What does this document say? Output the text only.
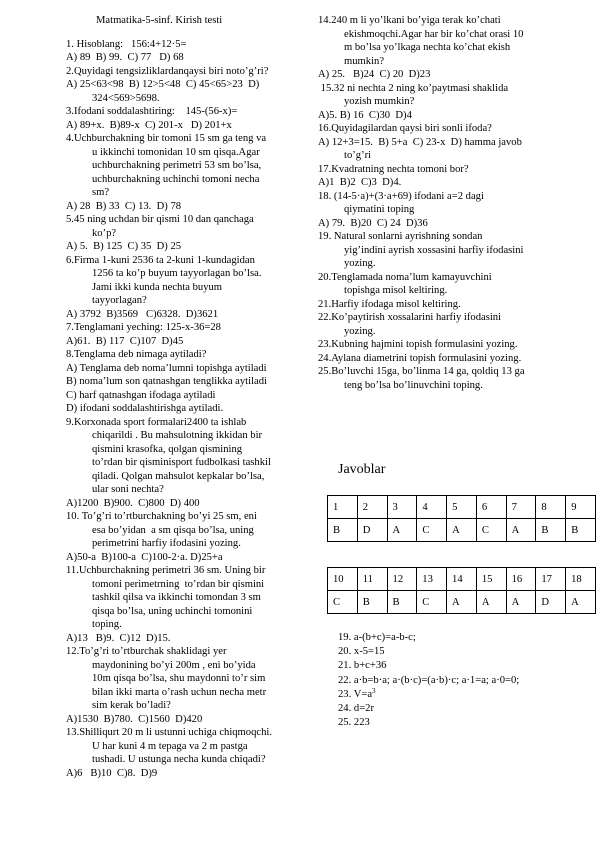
Matmatika-5-sinf. Kirish testi
1. Hisoblang:   156:4+12·5=
A) 89  B) 99.  C) 77   D) 68
2.Quyidagi tengsizliklardanqaysi biri noto’g’ri?
A) 25<63<98  B) 12>5<48  C) 45<65>23  D)
324<569>5698.
3.Ifodani soddalashtiring:    145-(56-x)=
A) 89+x.  B)89-x  C) 201-x   D) 201+x
4.Uchburchakning bir tomoni 15 sm ga teng va
u ikkinchi tomonidan 10 sm qisqa.Agar
uchburchakning perimetri 53 sm bo’lsa,
uchburchakning uchinchi tomoni necha
sm?
A) 28  B) 33  C) 13.  D) 78
5.45 ning uchdan bir qismi 10 dan qanchaga
ko’p?
A) 5.  B) 125  C) 35  D) 25
6.Firma 1-kuni 2536 ta 2-kuni 1-kundagidan
1256 ta ko’p buyum tayyorlagan bo’lsa.
Jami ikki kunda nechta buyum
tayyorlagan?
A) 3792  B)3569   C)6328.  D)3621
7.Tenglamani yeching: 125-x-36=28
A)61.  B) 117  C)107  D)45
8.Tenglama deb nimaga aytiladi?
A) Tenglama deb noma’lumni topishga aytiladi
B) noma’lum son qatnashgan tenglikka aytiladi
C) harf qatnashgan ifodaga aytiladi
D) ifodani soddalashtirishga aytiladi.
9.Korxonada sport formalari2400 ta ishlab
chiqarildi . Bu mahsulotning ikkidan bir
qismini krasofka, qolgan qismining
to’rdan bir qisminisport fudbolkasi tashkil
qiladi. Qolgan mahsulot kepkalar bo’lsa,
ular soni nechta?
A)1200  B)900.  C)800  D) 400
10. To’g’ri to’rtburchakning bo’yi 25 sm, eni
esa bo’yidan  a sm qisqa bo’lsa, uning
perimetrini harfiy ifodasini yozing.
A)50-a  B)100-a  C)100-2·a. D)25+a
11.Uchburchakning perimetri 36 sm. Uning bir
tomoni perimetrning  to’rdan bir qismini
tashkil qilsa va ikkinchi tomondan 3 sm
qisqa bo’lsa, uning uchinchi tomonini
toping.
A)13   B)9.  C)12  D)15.
12.To’g’ri to’rtburchak shaklidagi yer
maydonining bo’yi 200m , eni bo’yida
10m qisqa bo’lsa, shu maydonni to’r sim
bilan ikki marta o’rash uchun necha metr
sim kerak bo’ladi?
A)1530  B)780.  C)1560  D)420
13.Shilliqurt 20 m li ustunni uchiga chiqmoqchi.
U har kuni 4 m tepaga va 2 m pastga
tushadi. U ustunga necha kunda chiqadi?
A)6   B)10  C)8.  D)9
14.240 m li yo’lkani bo’yiga terak ko’chati
ekishmoqchi.Agar har bir ko’chat orasi 10
m bo’lsa yo’lkaga nechta ko’chat ekish
mumkin?
A) 25.   B)24  C) 20  D)23
15.32 ni nechta 2 ning ko’paytmasi shaklida
yozish mumkin?
A)5. B) 16  C)30  D)4
16.Quyidagilardan qaysi biri sonli ifoda?
A) 12+3=15.  B) 5+a  C) 23-x  D) hamma javob
to’g’ri
17.Kvadratning nechta tomoni bor?
A)1  B)2  C)3  D)4.
18. (14-5·a)+(3·a+69) ifodani a=2 dagi
qiymatini toping
A) 79.  B)20  C) 24  D)36
19. Natural sonlarni ayrishning sondan
yig’indini ayrish xossasini harfiy ifodasini
yozing.
20.Tenglamada noma’lum kamayuvchini
topishga misol keltiring.
21.Harfiy ifodaga misol keltiring.
22.Ko’paytirish xossalarini harfiy ifodasini
yozing.
23.Kubning hajmini topish formulasini yozing.
24.Aylana diametrini topish formulasini yozing.
25.Bo’luvchi 15ga, bo’linma 14 ga, qoldiq 13 ga
teng bo’lsa bo’linuvchini toping.
Javoblar
1	2	3	4	5	6	7	8	9
B	D	A	C	A	C	A	B	B
10	11	12	13	14	15	16	17	18
C	B	B	C	A	A	A	D	A
19. a-(b+c)=a-b-c;
20. x-5=15
21. b+c+36
22. a·b=b·a; a·(b·c)=(a·b)·c; a·1=a; a·0=0;
23. $V=a^3$
24. d=2r
25. 223
